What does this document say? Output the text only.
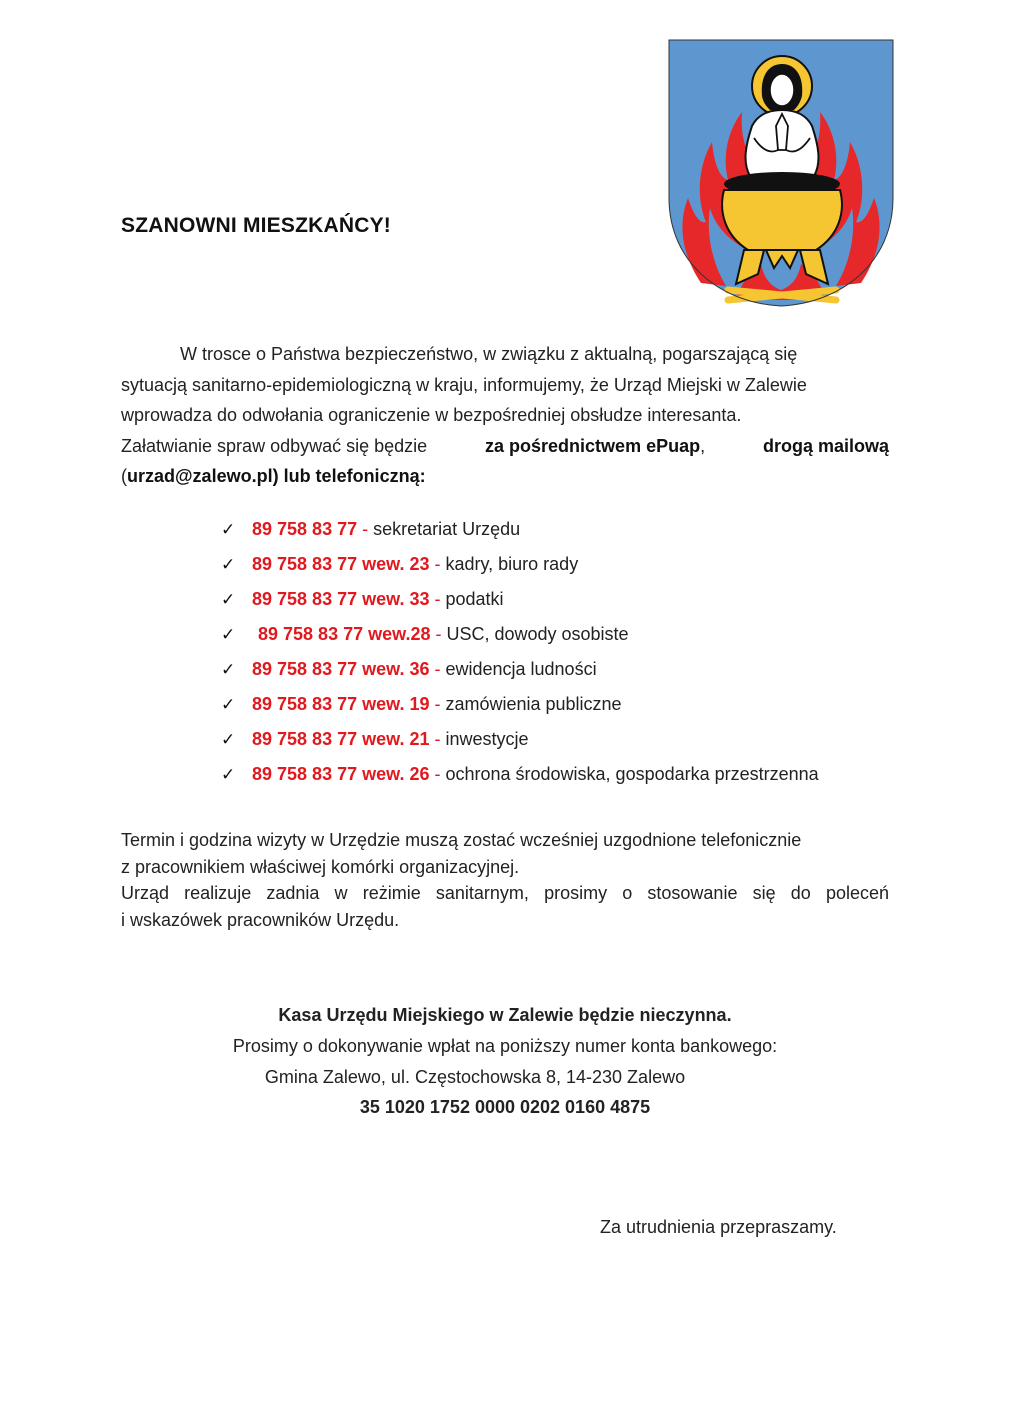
SZANOWNI MIESZKAŃCY!
W trosce o Państwa bezpieczeństwo, w związku z aktualną, pogarszającą się
sytuacją sanitarno-epidemiologiczną w kraju, informujemy, że Urząd Miejski w Zalewie
wprowadza do odwołania ograniczenie w bezpośredniej obsłudze interesanta.
Załatwianie spraw odbywać się będzie	za pośrednictwem ePuap,	drogą mailową
(urzad@zalewo.pl) lub telefoniczną:
✓ 89 758 83 77 - sekretariat Urzędu
✓ 89 758 83 77 wew. 23 - kadry, biuro rady
✓ 89 758 83 77 wew. 33 - podatki
✓ 89 758 83 77 wew.28 - USC, dowody osobiste
✓ 89 758 83 77 wew. 36 - ewidencja ludności
✓ 89 758 83 77 wew. 19 - zamówienia publiczne
✓ 89 758 83 77 wew. 21 - inwestycje
✓ 89 758 83 77 wew. 26 - ochrona środowiska, gospodarka przestrzenna
Termin i godzina wizyty w Urzędzie muszą zostać wcześniej uzgodnione telefonicznie
z pracownikiem właściwej komórki organizacyjnej.
Urząd realizuje zadnia w reżimie sanitarnym, prosimy o stosowanie się do poleceń
i wskazówek pracowników Urzędu.

Kasa Urzędu Miejskiego w Zalewie będzie nieczynna.

Prosimy o dokonywanie wpłat na poniższy numer konta bankowego:

Gmina Zalewo, ul. Częstochowska 8, 14-230 Zalewo

35 1020 1752 0000 0202 0160 4875

Za utrudnienia przepraszamy.
